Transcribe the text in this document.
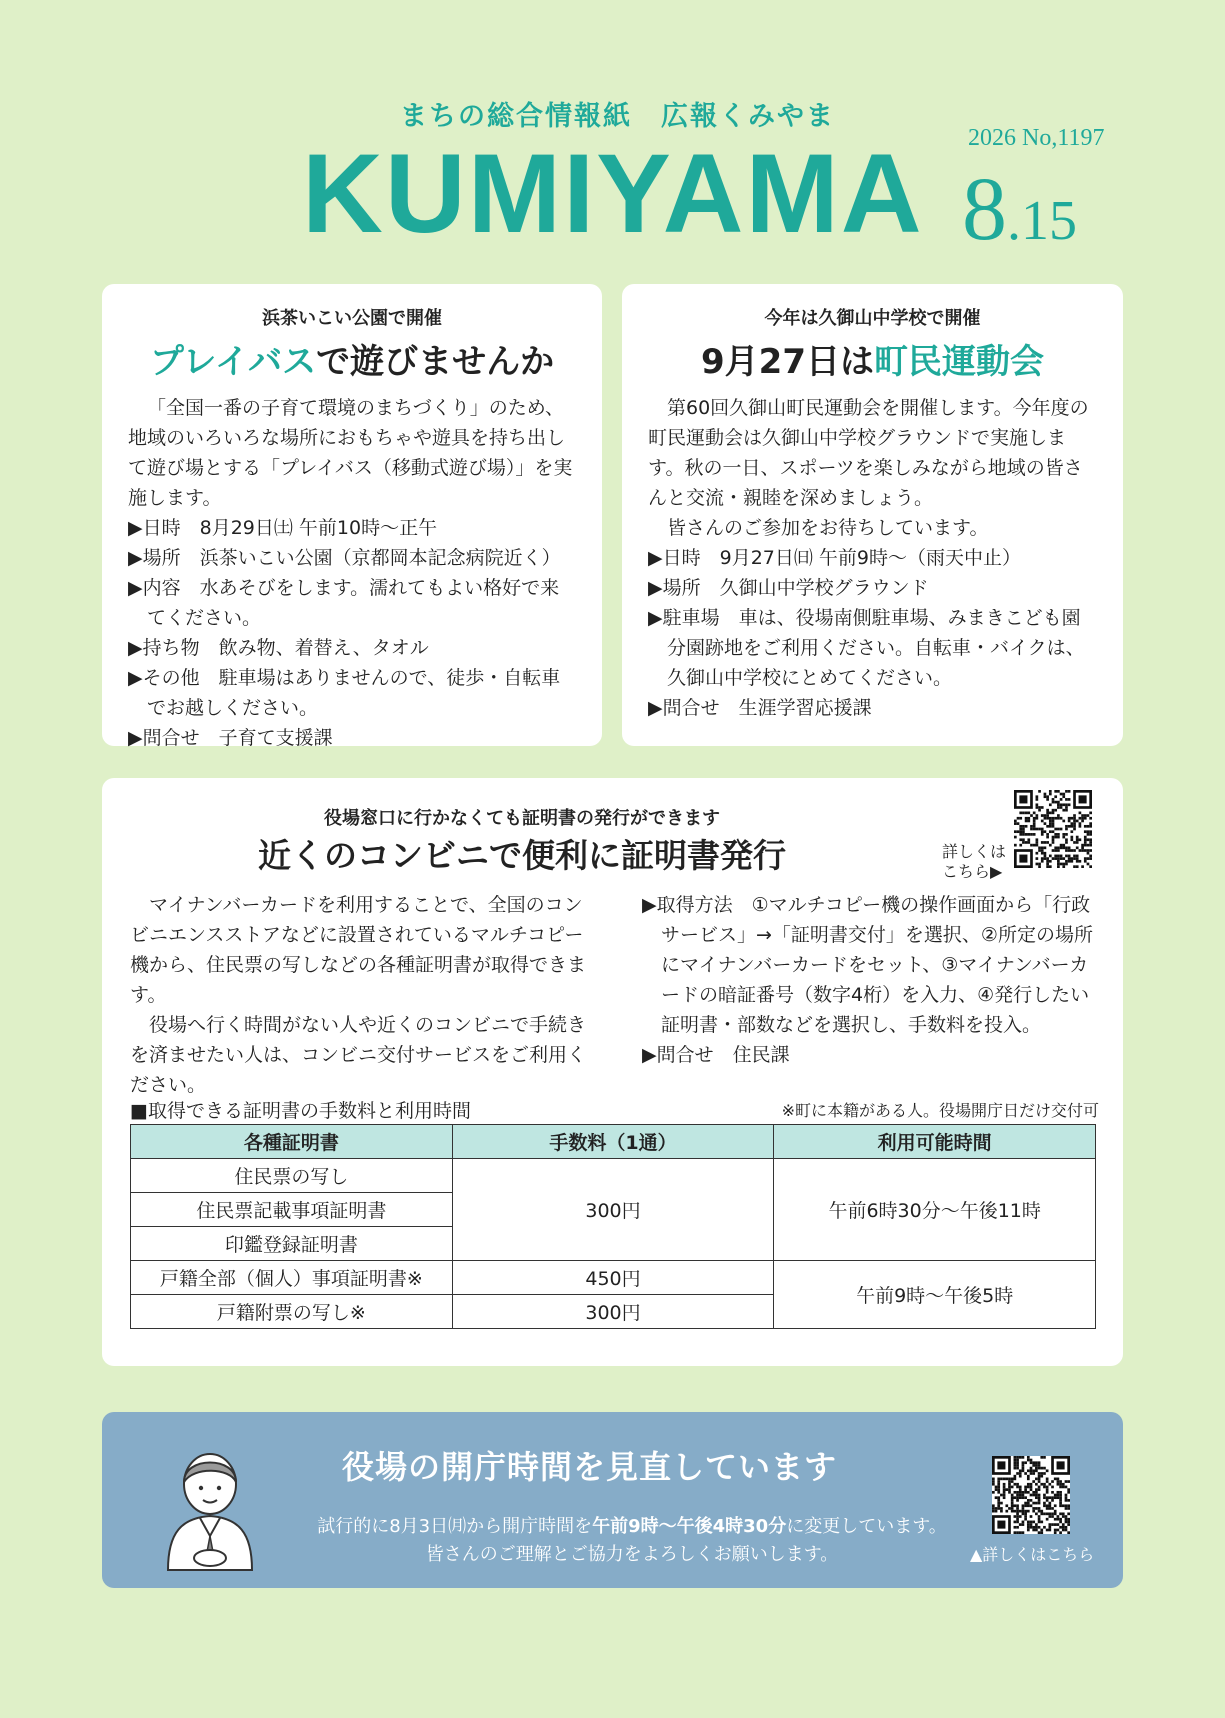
まちの総合情報紙　広報くみやま
KUMIYAMA 2026 No,1197
8.15
浜茶いこい公園で開催
プレイバスで遊びませんか

「全国一番の子育て環境のまちづくり」のため、地域のいろいろな場所におもちゃや遊具を持ち出して遊び場とする「プレイバス（移動式遊び場）」を実施します。

▶日時　8月29日㈯ 午前10時～正午
▶場所　浜茶いこい公園（京都岡本記念病院近く）
▶内容　水あそびをします。濡れてもよい格好で来てください。
▶持ち物　飲み物、着替え、タオル
▶その他　駐車場はありませんので、徒歩・自転車でお越しください。
▶問合せ　子育て支援課
今年は久御山中学校で開催
9月27日は町民運動会

第60回久御山町民運動会を開催します。今年度の町民運動会は久御山中学校グラウンドで実施します。秋の一日、スポーツを楽しみながら地域の皆さんと交流・親睦を深めましょう。

皆さんのご参加をお待ちしています。

▶日時　9月27日㈰ 午前9時～（雨天中止）
▶場所　久御山中学校グラウンド
▶駐車場　車は、役場南側駐車場、みまきこども園分園跡地をご利用ください。自転車・バイクは、久御山中学校にとめてください。
▶問合せ　生涯学習応援課
役場窓口に行かなくても証明書の発行ができます
近くのコンビニで便利に証明書発行	詳しくは
こちら▶

マイナンバーカードを利用することで、全国のコンビニエンスストアなどに設置されているマルチコピー機から、住民票の写しなどの各種証明書が取得できます。

役場へ行く時間がない人や近くのコンビニで手続きを済ませたい人は、コンビニ交付サービスをご利用ください。

▶取得方法　①マルチコピー機の操作画面から「行政サービス」→「証明書交付」を選択、②所定の場所にマイナンバーカードをセット、③マイナンバーカードの暗証番号（数字4桁）を入力、④発行したい証明書・部数などを選択し、手数料を投入。
▶問合せ　住民課
■取得できる証明書の手数料と利用時間	※町に本籍がある人。役場開庁日だけ交付可
各種証明書	手数料（1通）	利用可能時間
住民票の写し	300円	午前6時30分～午後11時
住民票記載事項証明書		
印鑑登録証明書		
戸籍全部（個人）事項証明書※	450円	午前9時～午後5時
戸籍附票の写し※	300円	
役場の開庁時間を見直しています
試行的に8月3日㈪から開庁時間を午前9時～午後4時30分に変更しています。
皆さんのご理解とご協力をよろしくお願いします。	▲詳しくはこちら
